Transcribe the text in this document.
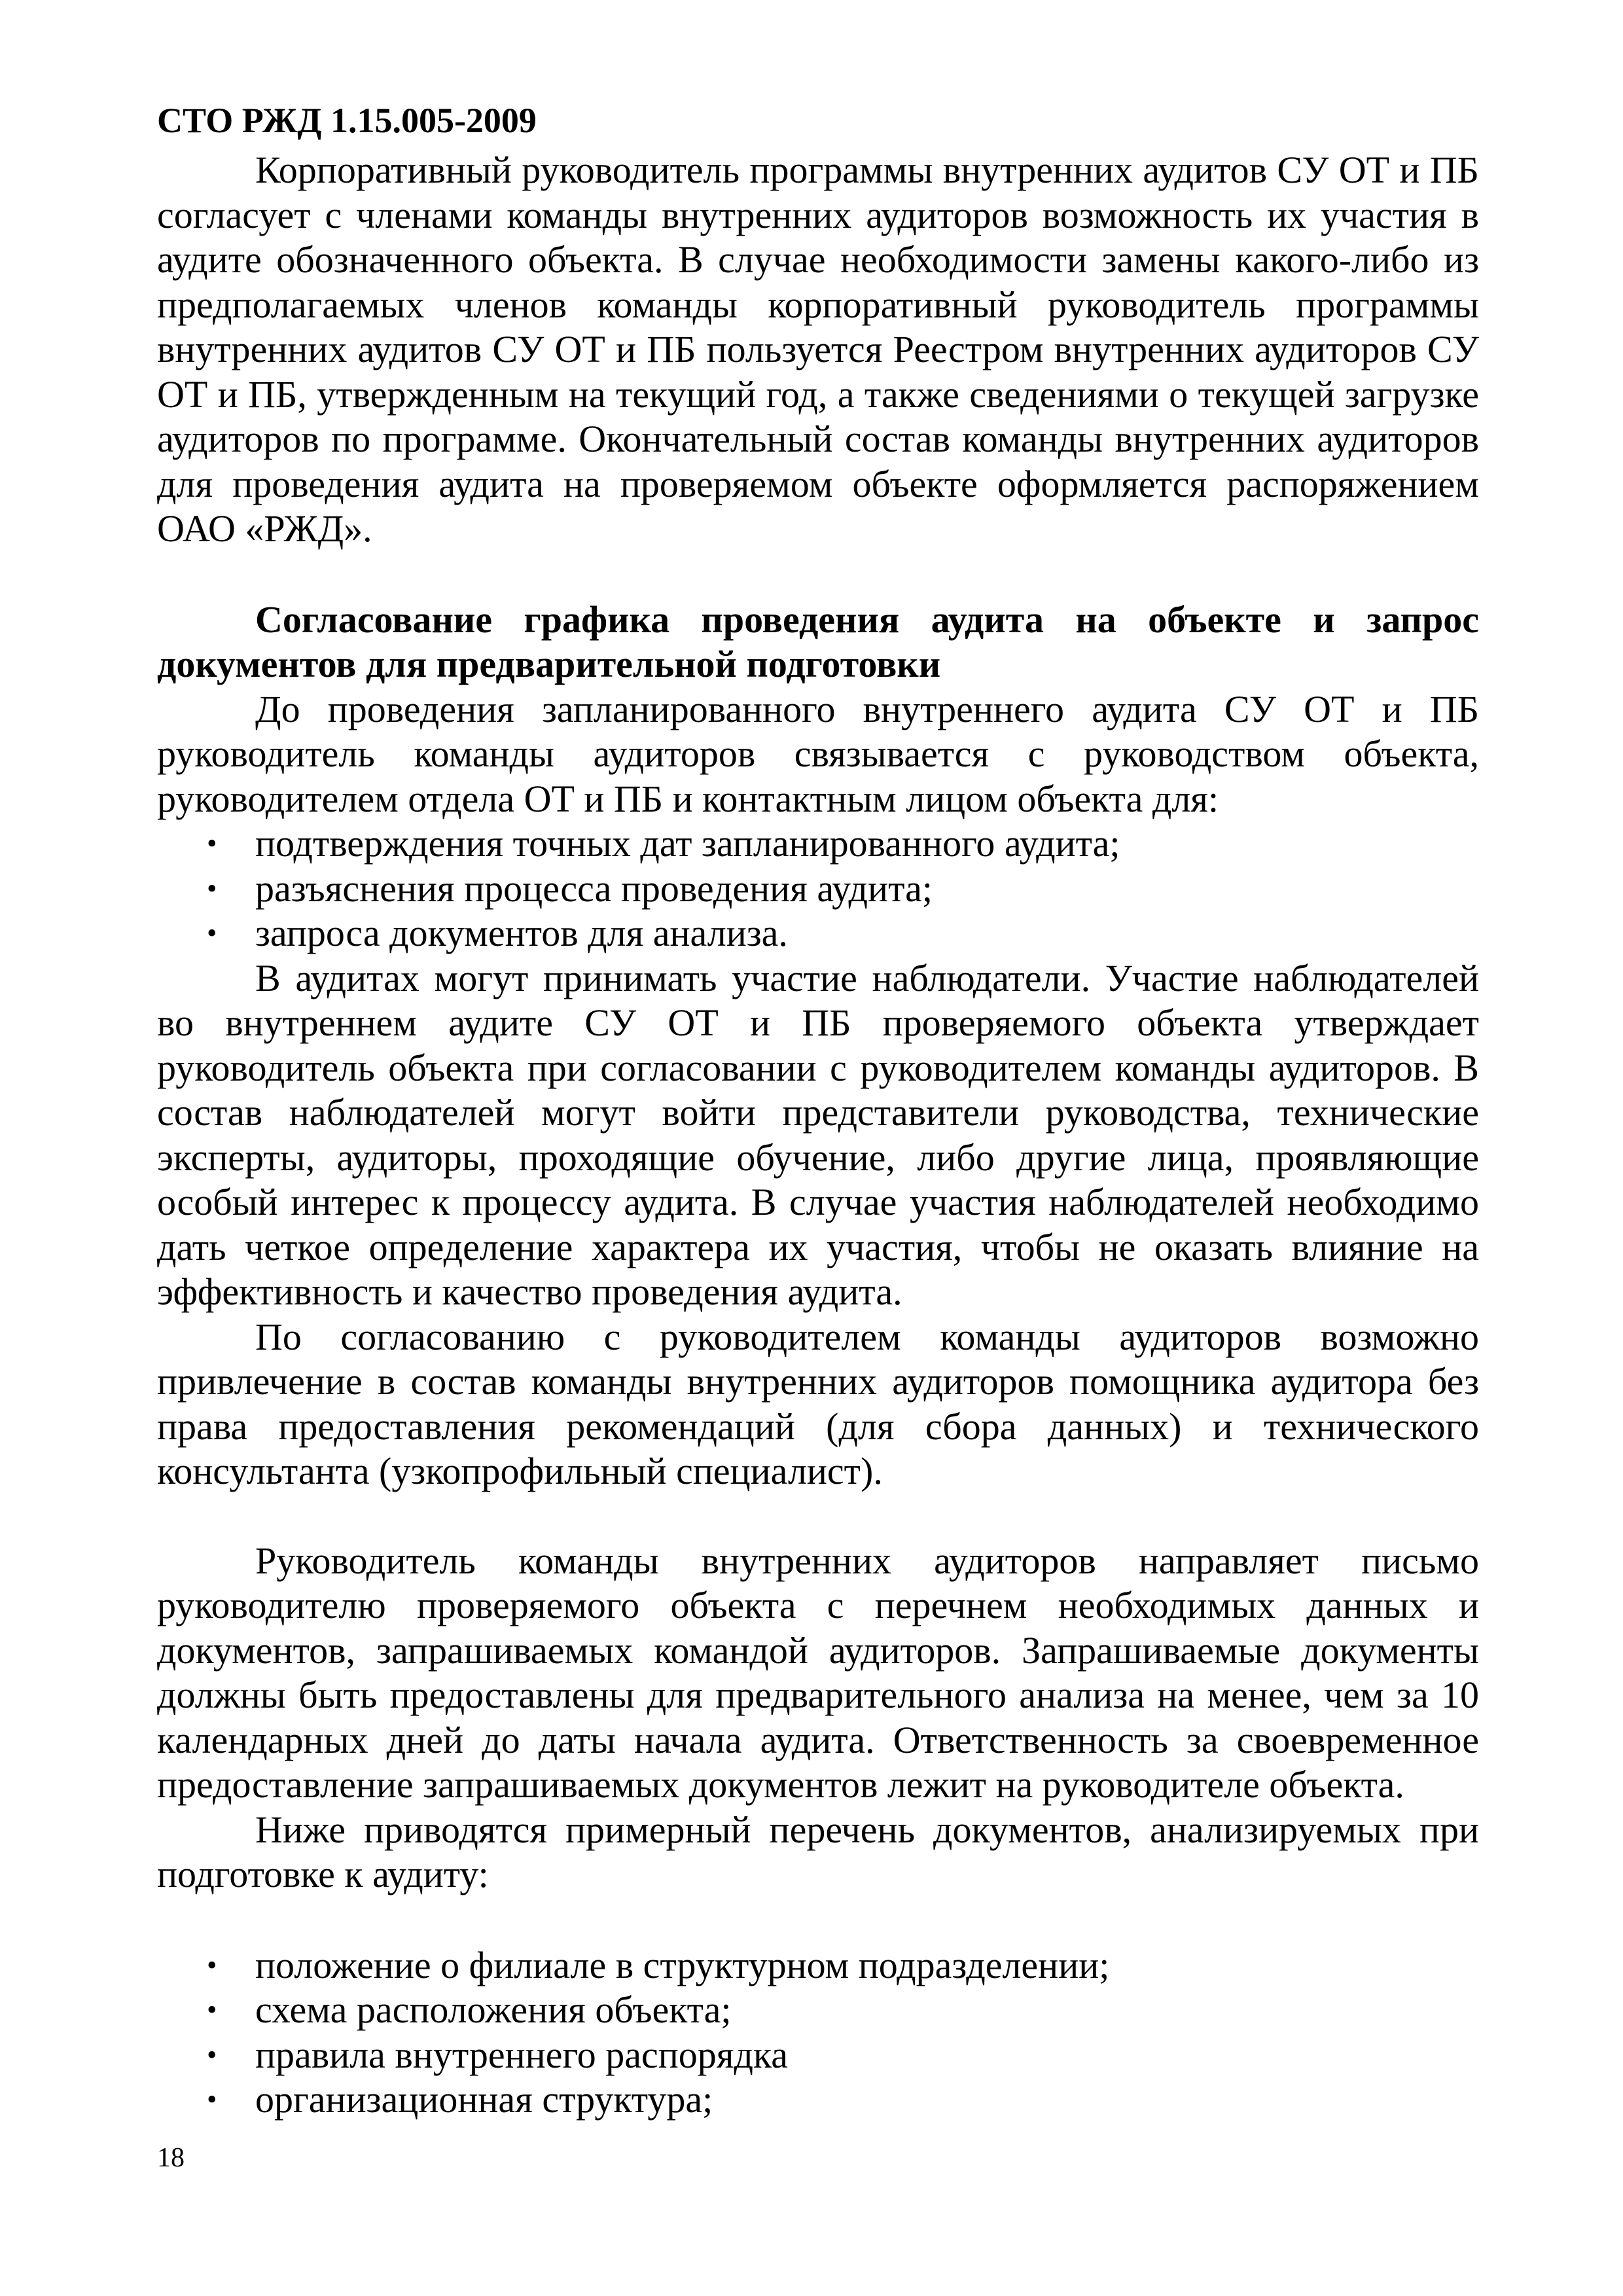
СТО РЖД 1.15.005-2009

Корпоративный руководитель программы внутренних аудитов СУ ОТ и ПБ согласует с членами команды внутренних аудиторов возможность их участия в аудите обозначенного объекта. В случае необходимости замены какого-либо из предполагаемых членов команды корпоративный руководитель программы внутренних аудитов СУ ОТ и ПБ пользуется Реестром внутренних аудиторов СУ ОТ и ПБ, утвержденным на текущий год, а также сведениями о текущей загрузке аудиторов по программе. Окончательный состав команды внутренних аудиторов для проведения аудита на проверяемом объекте оформляется распоряжением ОАО «РЖД».

Согласование графика проведения аудита на объекте и запрос документов для предварительной подготовки

До проведения запланированного внутреннего аудита СУ ОТ и ПБ руководитель команды аудиторов связывается с руководством объекта, руководителем отдела ОТ и ПБ и контактным лицом объекта для:

• подтверждения точных дат запланированного аудита;
• разъяснения процесса проведения аудита;
• запроса документов для анализа.

В аудитах могут принимать участие наблюдатели. Участие наблюдателей во внутреннем аудите СУ ОТ и ПБ проверяемого объекта утверждает руководитель объекта при согласовании с руководителем команды аудиторов. В состав наблюдателей могут войти представители руководства, технические эксперты, аудиторы, проходящие обучение, либо другие лица, проявляющие особый интерес к процессу аудита. В случае участия наблюдателей необходимо дать четкое определение характера их участия, чтобы не оказать влияние на эффективность и качество проведения аудита.

По согласованию с руководителем команды аудиторов возможно привлечение в состав команды внутренних аудиторов помощника аудитора без права предоставления рекомендаций (для сбора данных) и технического консультанта (узкопрофильный специалист).

Руководитель команды внутренних аудиторов направляет письмо руководителю проверяемого объекта с перечнем необходимых данных и документов, запрашиваемых командой аудиторов. Запрашиваемые документы должны быть предоставлены для предварительного анализа на менее, чем за 10 календарных дней до даты начала аудита. Ответственность за своевременное предоставление запрашиваемых документов лежит на руководителе объекта.

Ниже приводятся примерный перечень документов, анализируемых при подготовке к аудиту:

• положение о филиале в структурном подразделении;
• схема расположения объекта;
• правила внутреннего распорядка
• организационная структура;
18
